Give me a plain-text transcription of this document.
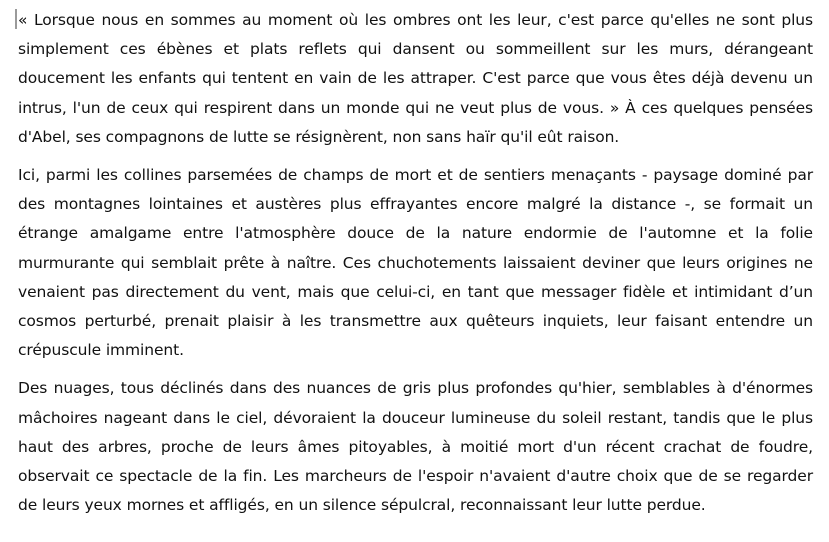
« Lorsque nous en sommes au moment où les ombres ont les leur, c'est parce qu'elles ne sont plus simplement ces ébènes et plats reflets qui dansent ou sommeillent sur les murs, dérangeant doucement les enfants qui tentent en vain de les attraper. C'est parce que vous êtes déjà devenu un intrus, l'un de ceux qui respirent dans un monde qui ne veut plus de vous. » À ces quelques pensées d'Abel, ses compagnons de lutte se résignèrent, non sans haïr qu'il eût raison.

Ici, parmi les collines parsemées de champs de mort et de sentiers menaçants - paysage dominé par des montagnes lointaines et austères plus effrayantes encore malgré la distance -, se formait un étrange amalgame entre l'atmosphère douce de la nature endormie de l'automne et la folie murmurante qui semblait prête à naître. Ces chuchotements laissaient deviner que leurs origines ne venaient pas directement du vent, mais que celui-ci, en tant que messager fidèle et intimidant d’un cosmos perturbé, prenait plaisir à les transmettre aux quêteurs inquiets, leur faisant entendre un crépuscule imminent.

Des nuages, tous déclinés dans des nuances de gris plus profondes qu'hier, semblables à d'énormes mâchoires nageant dans le ciel, dévoraient la douceur lumineuse du soleil restant, tandis que le plus haut des arbres, proche de leurs âmes pitoyables, à moitié mort d'un récent crachat de foudre, observait ce spectacle de la fin. Les marcheurs de l'espoir n'avaient d'autre choix que de se regarder de leurs yeux mornes et affligés, en un silence sépulcral, reconnaissant leur lutte perdue.
